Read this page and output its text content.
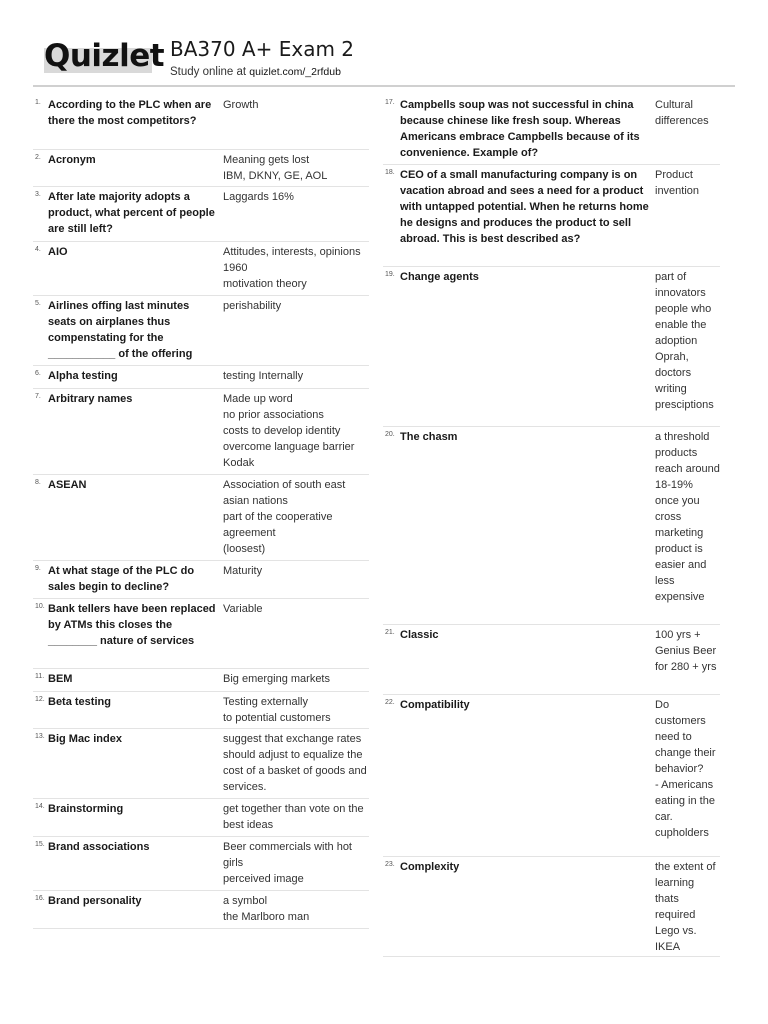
Quizlet BA370 A+ Exam 2
Study online at quizlet.com/_2rfdub
1. According to the PLC when are there the most competitors?
Growth
2. Acronym	Meaning gets lost
IBM, DKNY, GE, AOL
3. After late majority adopts a product, what percent of people are still left?
Laggards 16%
4. AIO	Attitudes, interests, opinions
1960
motivation theory
5. Airlines offing last minutes seats on airplanes thus compenstating for the ___________ of the offering
perishability
6. Alpha testing	testing Internally
7. Arbitrary names	Made up word
no prior associations
costs to develop identity
overcome language barrier
Kodak
8. ASEAN	Association of south east asian nations
part of the cooperative agreement
(loosest)
9. At what stage of the PLC do sales begin to decline?
Maturity
10. Bank tellers have been replaced by ATMs this closes the ________ nature of services
Variable
11. BEM	Big emerging markets
12. Beta testing	Testing externally
to potential customers
13. Big Mac index	suggest that exchange rates should adjust to equalize the cost of a basket of goods and services.
14. Brainstorming	get together than vote on the best ideas
15. Brand associations	Beer commercials with hot girls
perceived image
16. Brand personality	a symbol
the Marlboro man
17. Campbells soup was not successful in china because chinese like fresh soup. Whereas Americans embrace Campbells because of its convenience. Example of?
Cultural differences
18. CEO of a small manufacturing company is on vacation abroad and sees a need for a product with untapped potential. When he returns home he designs and produces the product to sell abroad. This is best described as?
Product invention
19. Change agents	part of innovators people who enable the adoption
Oprah, doctors writing presciptions
20. The chasm	a threshold products reach around 18-19%
once you cross marketing product is easier and less expensive
21. Classic	100 yrs +
Genius Beer for 280 + yrs
22. Compatibility	Do customers need to change their behavior?
- Americans eating in the car. cupholders
23. Complexity	the extent of learning thats required
Lego vs. IKEA
